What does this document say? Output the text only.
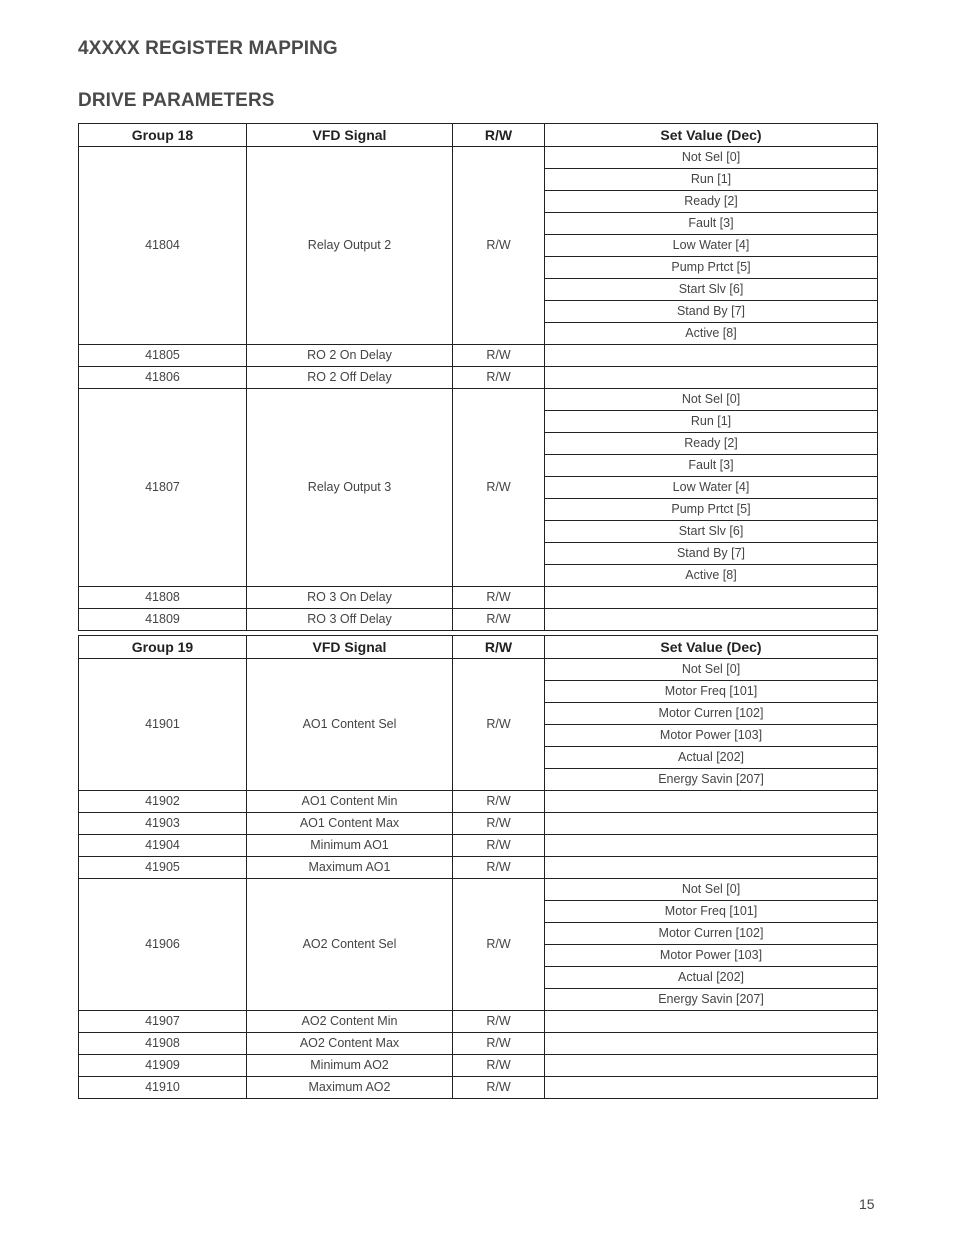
4XXXX REGISTER MAPPING
DRIVE PARAMETERS
Group 18	VFD Signal	R/W	Set Value (Dec)
41804	Relay Output 2	R/W	Not Sel [0]
			Run [1]
			Ready [2]
			Fault [3]
			Low Water [4]
			Pump Prtct [5]
			Start Slv [6]
			Stand By [7]
			Active [8]
41805	RO 2 On Delay	R/W	
41806	RO 2 Off Delay	R/W	
41807	Relay Output 3	R/W	Not Sel [0]
			Run [1]
			Ready [2]
			Fault [3]
			Low Water [4]
			Pump Prtct [5]
			Start Slv [6]
			Stand By [7]
			Active [8]
41808	RO 3 On Delay	R/W	
41809	RO 3 Off Delay	R/W	
Group 19	VFD Signal	R/W	Set Value (Dec)
41901	AO1 Content Sel	R/W	Not Sel [0]
			Motor Freq [101]
			Motor Curren [102]
			Motor Power [103]
			Actual [202]
			Energy Savin [207]
41902	AO1 Content Min	R/W	
41903	AO1 Content Max	R/W	
41904	Minimum AO1	R/W	
41905	Maximum AO1	R/W	
41906	AO2 Content Sel	R/W	Not Sel [0]
			Motor Freq [101]
			Motor Curren [102]
			Motor Power [103]
			Actual [202]
			Energy Savin [207]
41907	AO2 Content Min	R/W	
41908	AO2 Content Max	R/W	
41909	Minimum AO2	R/W	
41910	Maximum AO2	R/W	
15
